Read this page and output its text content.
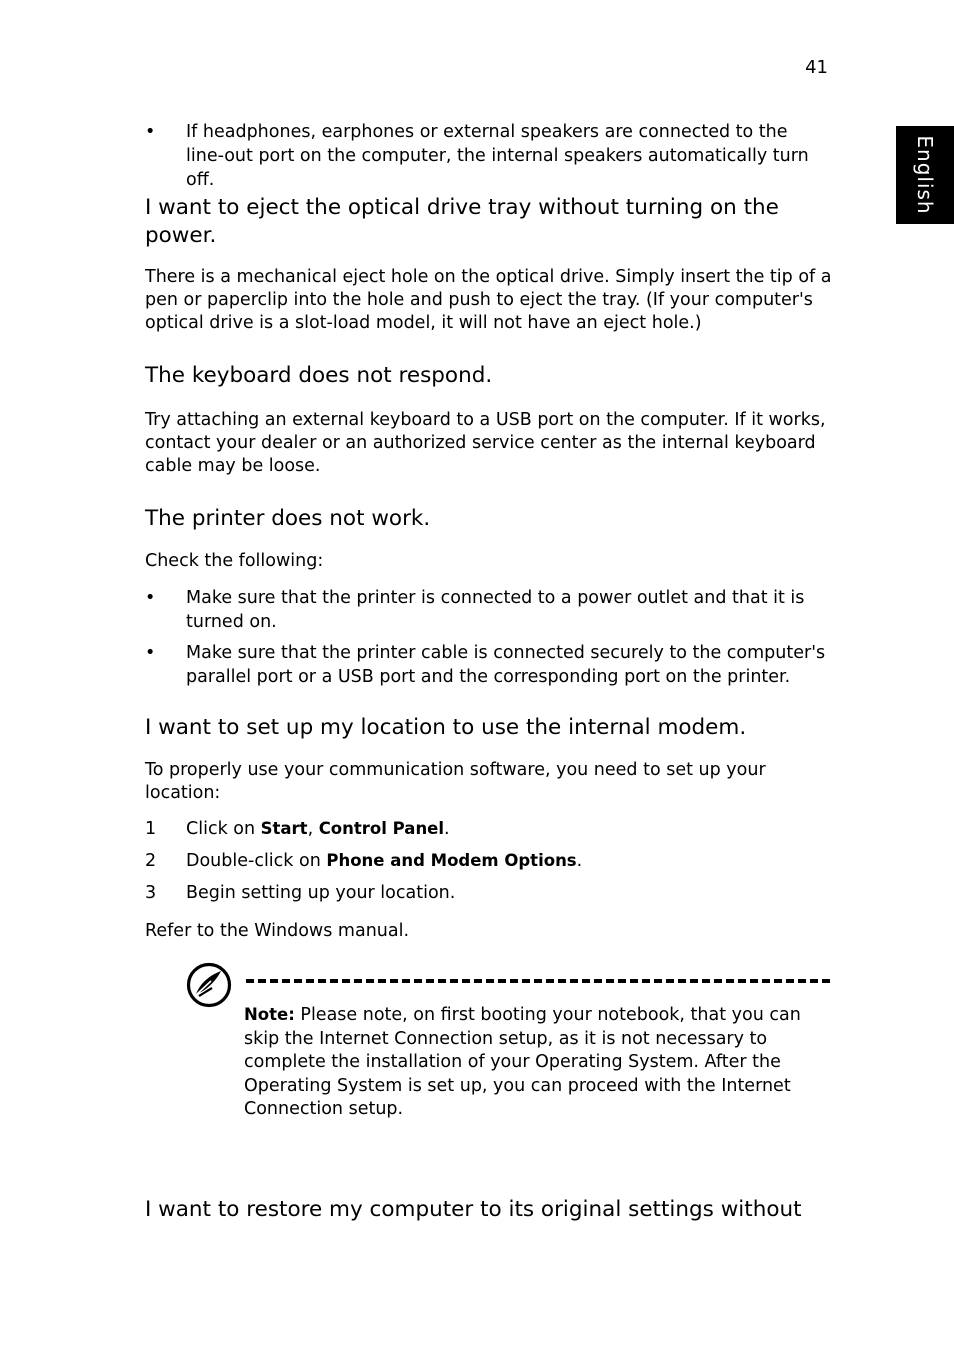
41
English
• If headphones, earphones or external speakers are connected to the line-out port on the computer, the internal speakers automatically turn off.
I want to eject the optical drive tray without turning on the power.
There is a mechanical eject hole on the optical drive. Simply insert the tip of a pen or paperclip into the hole and push to eject the tray. (If your computer's optical drive is a slot-load model, it will not have an eject hole.)
The keyboard does not respond.
Try attaching an external keyboard to a USB port on the computer. If it works, contact your dealer or an authorized service center as the internal keyboard cable may be loose.
The printer does not work.
Check the following:
• Make sure that the printer is connected to a power outlet and that it is turned on.
• Make sure that the printer cable is connected securely to the computer's parallel port or a USB port and the corresponding port on the printer.
I want to set up my location to use the internal modem.
To properly use your communication software, you need to set up your location:
1 Click on Start, Control Panel.
2 Double-click on Phone and Modem Options.
3 Begin setting up your location.
Refer to the Windows manual.
Note: Please note, on first booting your notebook, that you can skip the Internet Connection setup, as it is not necessary to complete the installation of your Operating System. After the Operating System is set up, you can proceed with the Internet Connection setup.
I want to restore my computer to its original settings without
